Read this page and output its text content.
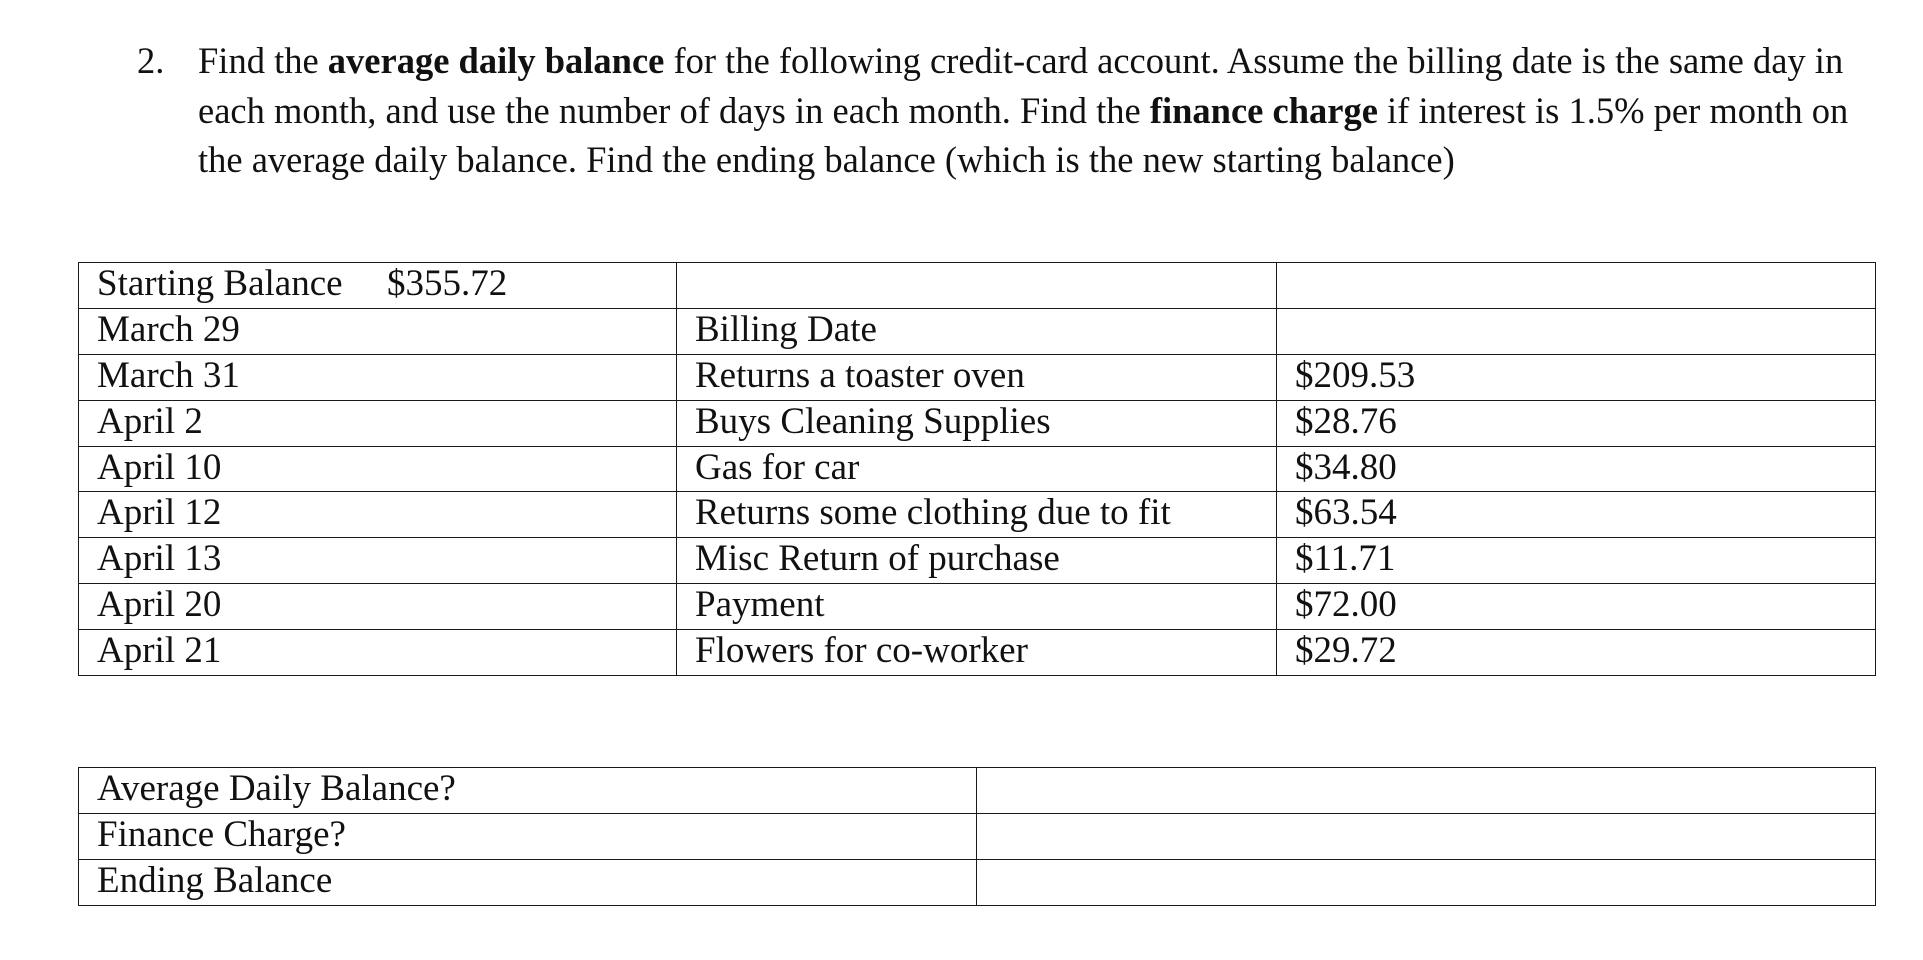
2. Find the average daily balance for the following credit-card account. Assume the billing date is the same day in each month, and use the number of days in each month. Find the finance charge if interest is 1.5% per month on the average daily balance. Find the ending balance (which is the new starting balance)
Starting Balance $355.72		
March 29	Billing Date	
March 31	Returns a toaster oven	$209.53
April 2	Buys Cleaning Supplies	$28.76
April 10	Gas for car	$34.80
April 12	Returns some clothing due to fit	$63.54
April 13	Misc Return of purchase	$11.71
April 20	Payment	$72.00
April 21	Flowers for co-worker	$29.72
Average Daily Balance?	
Finance Charge?	
Ending Balance	
